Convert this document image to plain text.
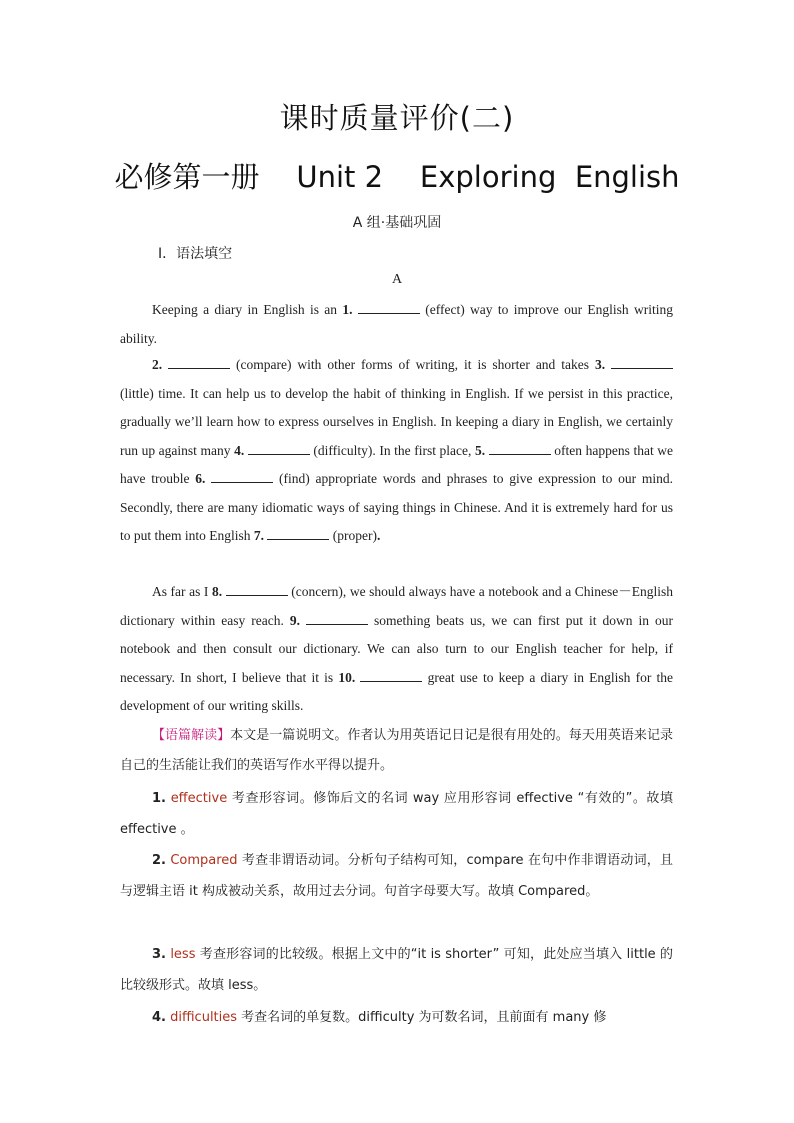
课时质量评价(二)
必修第一册    Unit 2    Exploring  English
A 组·基础巩固
Ⅰ．语法填空
A
Keeping a diary in English is an 1.	(effect) way to improve our English writing ability.
2.	(compare) with other forms of writing, it is shorter and takes 3.  (little) time. It can help us to develop the habit of thinking in English. If we persist in this practice, gradually we’ll learn how to express ourselves in English. In keeping a diary in English, we certainly run up against many 4.	(difficulty). In the first place, 5.	often happens that we have trouble 6.	(find) appropriate words and phrases to give expression to our mind. Secondly, there are many idiomatic ways of saying things in Chinese. And it is extremely hard for us to put them into English 7.	(proper).
As far as I 8.	(concern), we should always have a notebook and a Chinese－English dictionary within easy reach. 9.	something beats us, we can first put it down in our notebook and then consult our dictionary. We can also turn to our English teacher for help, if necessary. In short, I believe that it is 10.	great use to keep a diary in English for the development of our writing skills.
【语篇解读】本文是一篇说明文。作者认为用英语记日记是很有用处的。每天用英语来记录自己的生活能让我们的英语写作水平得以提升。
1. effective 考查形容词。修饰后文的名词 way 应用形容词 effective “有效的”。故填 effective 。
2. Compared 考查非谓语动词。分析句子结构可知，compare 在句中作非谓语动词，且与逻辑主语 it 构成被动关系，故用过去分词。句首字母要大写。故填 Compared。
3. less 考查形容词的比较级。根据上文中的“it is shorter” 可知，此处应当填入 little 的比较级形式。故填 less。
4. difficulties 考查名词的单复数。difficulty 为可数名词，且前面有 many 修
